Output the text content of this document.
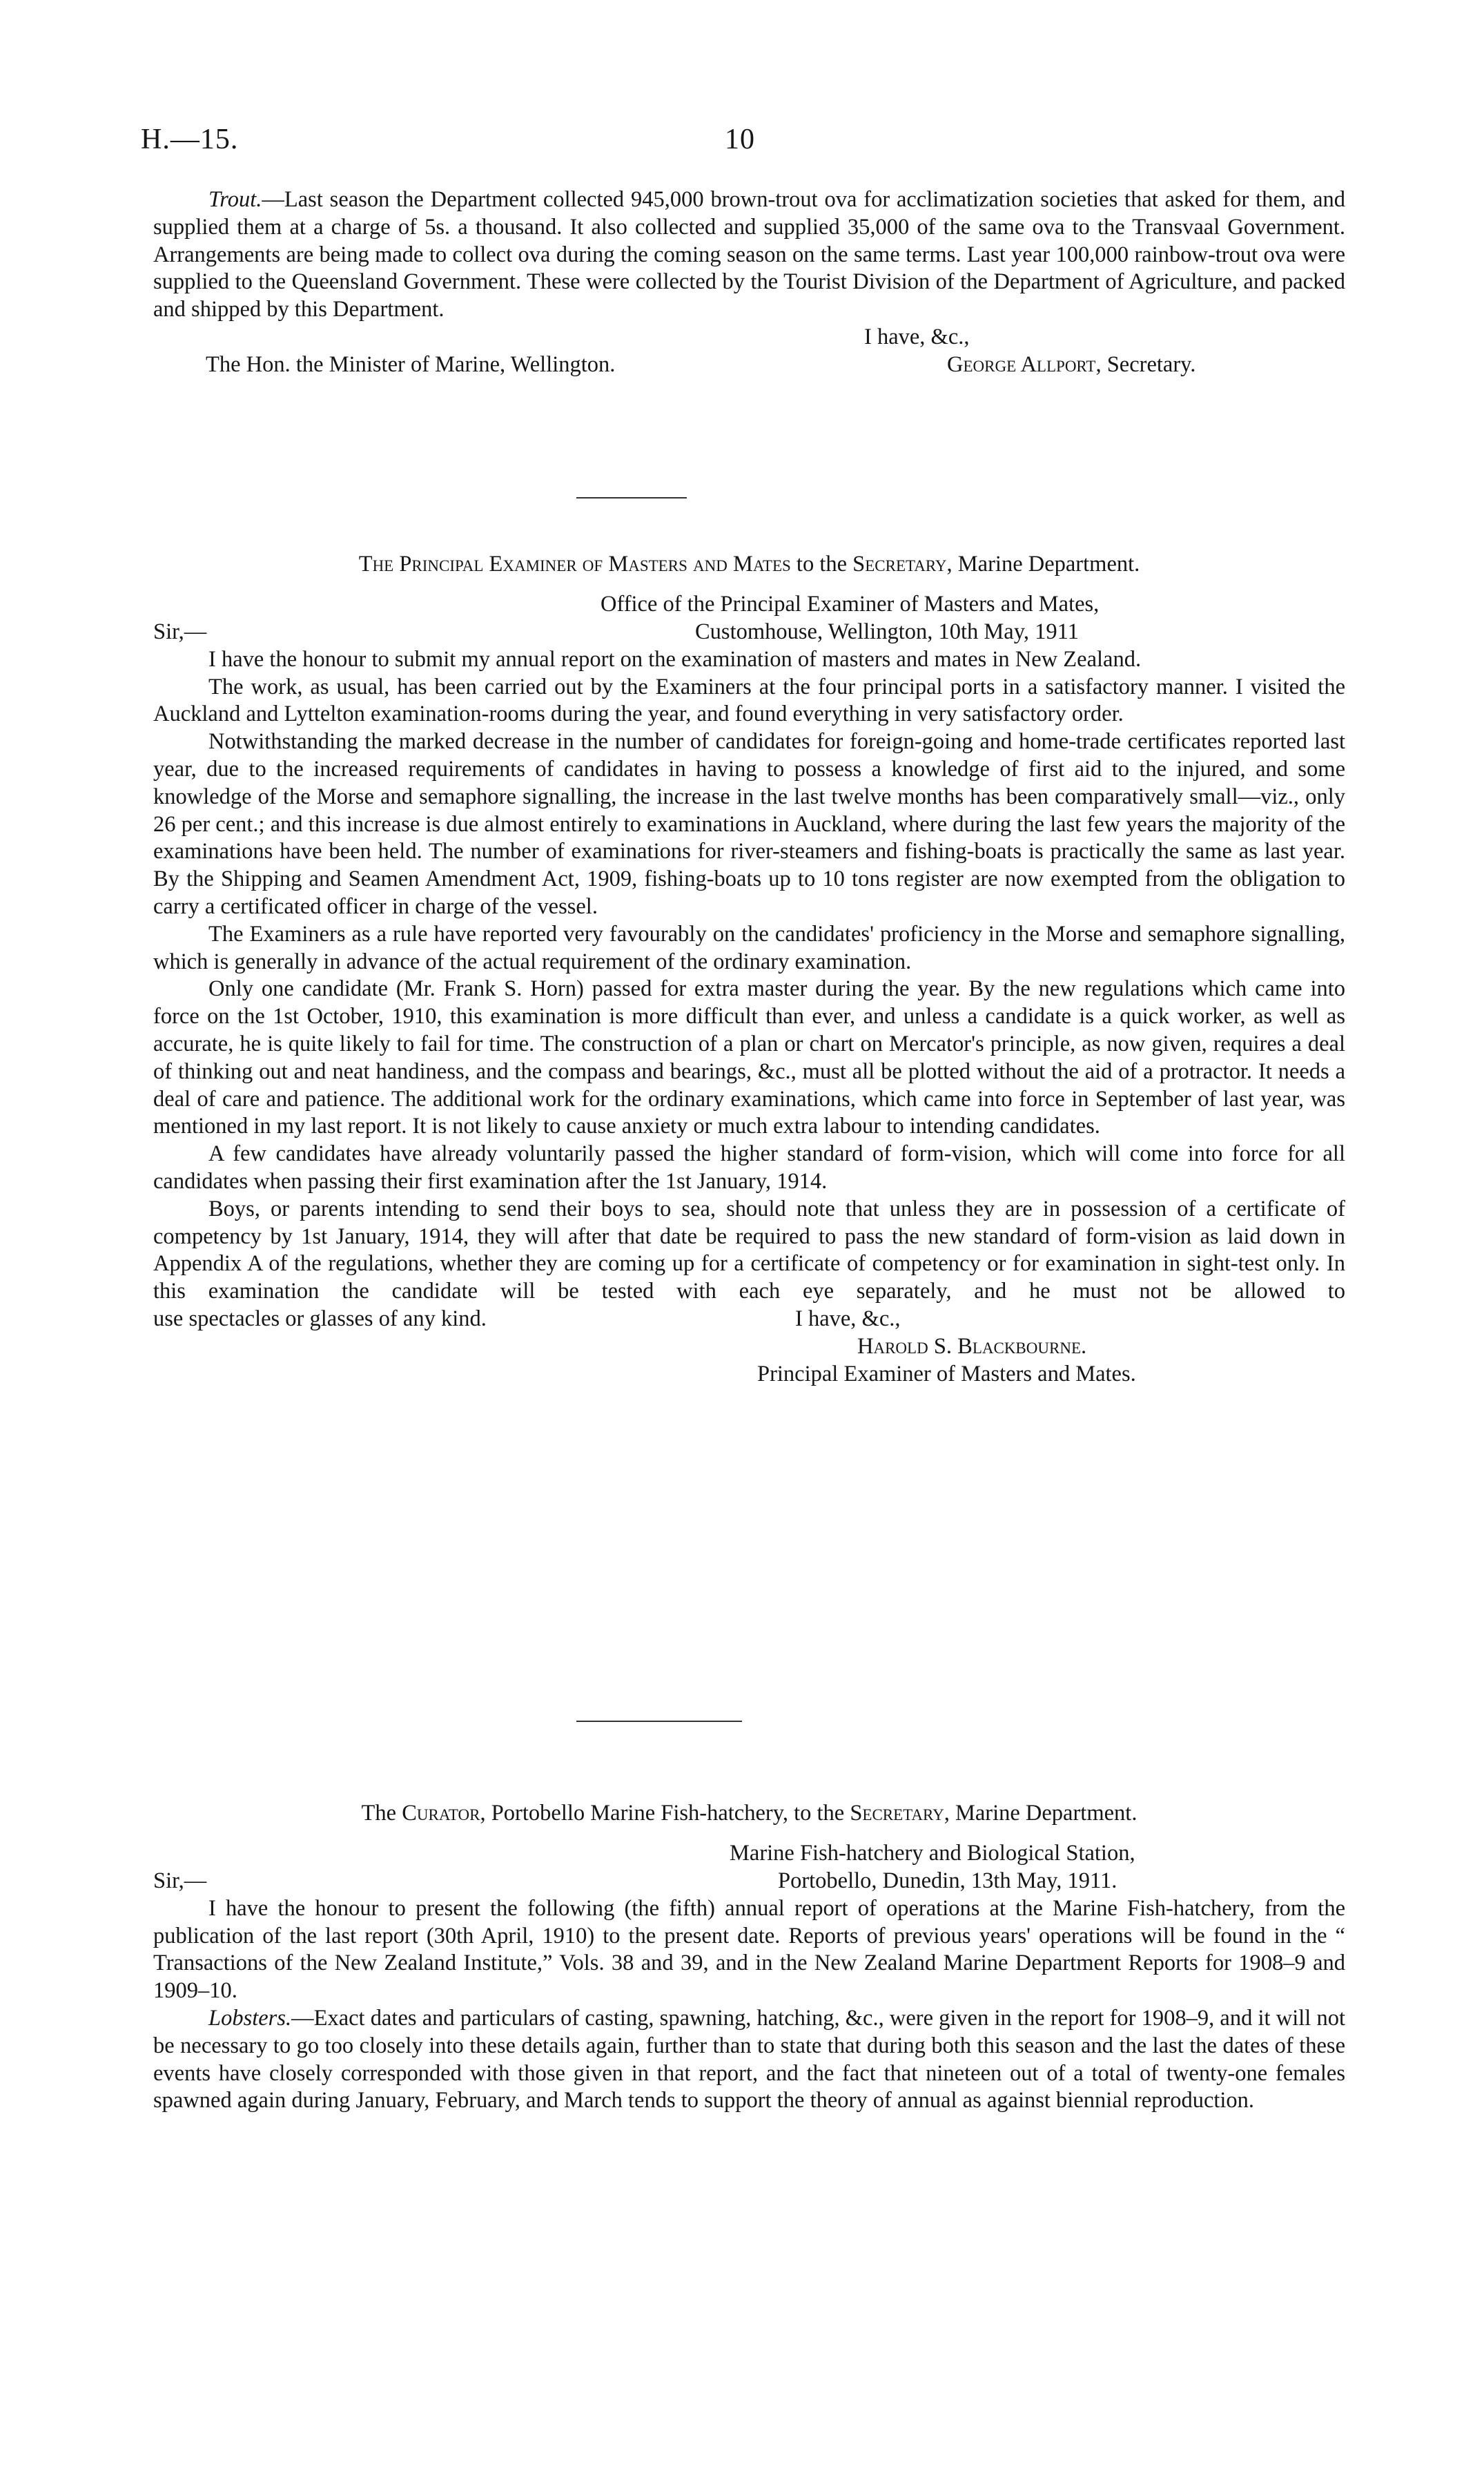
H.—15.	10

Trout.—Last season the Department collected 945,000 brown-trout ova for acclimatization societies that asked for them, and supplied them at a charge of 5s. a thousand. It also collected and supplied 35,000 of the same ova to the Transvaal Government. Arrangements are being made to collect ova during the coming season on the same terms. Last year 100,000 rainbow-trout ova were supplied to the Queensland Government. These were collected by the Tourist Division of the Department of Agriculture, and packed and shipped by this Department.

I have, &c.,
The Hon. the Minister of Marine, Wellington.	George Allport, Secretary.

The Principal Examiner of Masters and Mates to the Secretary, Marine Department.

Office of the Principal Examiner of Masters and Mates,
Sir,—	Customhouse, Wellington, 10th May, 1911

I have the honour to submit my annual report on the examination of masters and mates in New Zealand.

The work, as usual, has been carried out by the Examiners at the four principal ports in a satisfactory manner. I visited the Auckland and Lyttelton examination-rooms during the year, and found everything in very satisfactory order.

Notwithstanding the marked decrease in the number of candidates for foreign-going and home-trade certificates reported last year, due to the increased requirements of candidates in having to possess a knowledge of first aid to the injured, and some knowledge of the Morse and semaphore signalling, the increase in the last twelve months has been comparatively small—viz., only 26 per cent.; and this increase is due almost entirely to examinations in Auckland, where during the last few years the majority of the examinations have been held. The number of examinations for river-steamers and fishing-boats is practically the same as last year. By the Shipping and Seamen Amendment Act, 1909, fishing-boats up to 10 tons register are now exempted from the obligation to carry a certificated officer in charge of the vessel.

The Examiners as a rule have reported very favourably on the candidates' proficiency in the Morse and semaphore signalling, which is generally in advance of the actual requirement of the ordinary examination.

Only one candidate (Mr. Frank S. Horn) passed for extra master during the year. By the new regulations which came into force on the 1st October, 1910, this examination is more difficult than ever, and unless a candidate is a quick worker, as well as accurate, he is quite likely to fail for time. The construction of a plan or chart on Mercator's principle, as now given, requires a deal of thinking out and neat handiness, and the compass and bearings, &c., must all be plotted without the aid of a protractor. It needs a deal of care and patience. The additional work for the ordinary examinations, which came into force in September of last year, was mentioned in my last report. It is not likely to cause anxiety or much extra labour to intending candidates.

A few candidates have already voluntarily passed the higher standard of form-vision, which will come into force for all candidates when passing their first examination after the 1st January, 1914.

Boys, or parents intending to send their boys to sea, should note that unless they are in possession of a certificate of competency by 1st January, 1914, they will after that date be required to pass the new standard of form-vision as laid down in Appendix A of the regulations, whether they are coming up for a certificate of competency or for examination in sight-test only. In this examination the candidate will be tested with each eye separately, and he must not be allowed to

use spectacles or glasses of any kind.	I have, &c.,
Harold S. Blackbourne.
Principal Examiner of Masters and Mates.

The Curator, Portobello Marine Fish-hatchery, to the Secretary, Marine Department.

Marine Fish-hatchery and Biological Station,
Sir,—	Portobello, Dunedin, 13th May, 1911.

I have the honour to present the following (the fifth) annual report of operations at the Marine Fish-hatchery, from the publication of the last report (30th April, 1910) to the present date. Reports of previous years' operations will be found in the “ Transactions of the New Zealand Institute,” Vols. 38 and 39, and in the New Zealand Marine Department Reports for 1908–9 and 1909–10.

Lobsters.—Exact dates and particulars of casting, spawning, hatching, &c., were given in the report for 1908–9, and it will not be necessary to go too closely into these details again, further than to state that during both this season and the last the dates of these events have closely corresponded with those given in that report, and the fact that nineteen out of a total of twenty-one females spawned again during January, February, and March tends to support the theory of annual as against biennial reproduction.
